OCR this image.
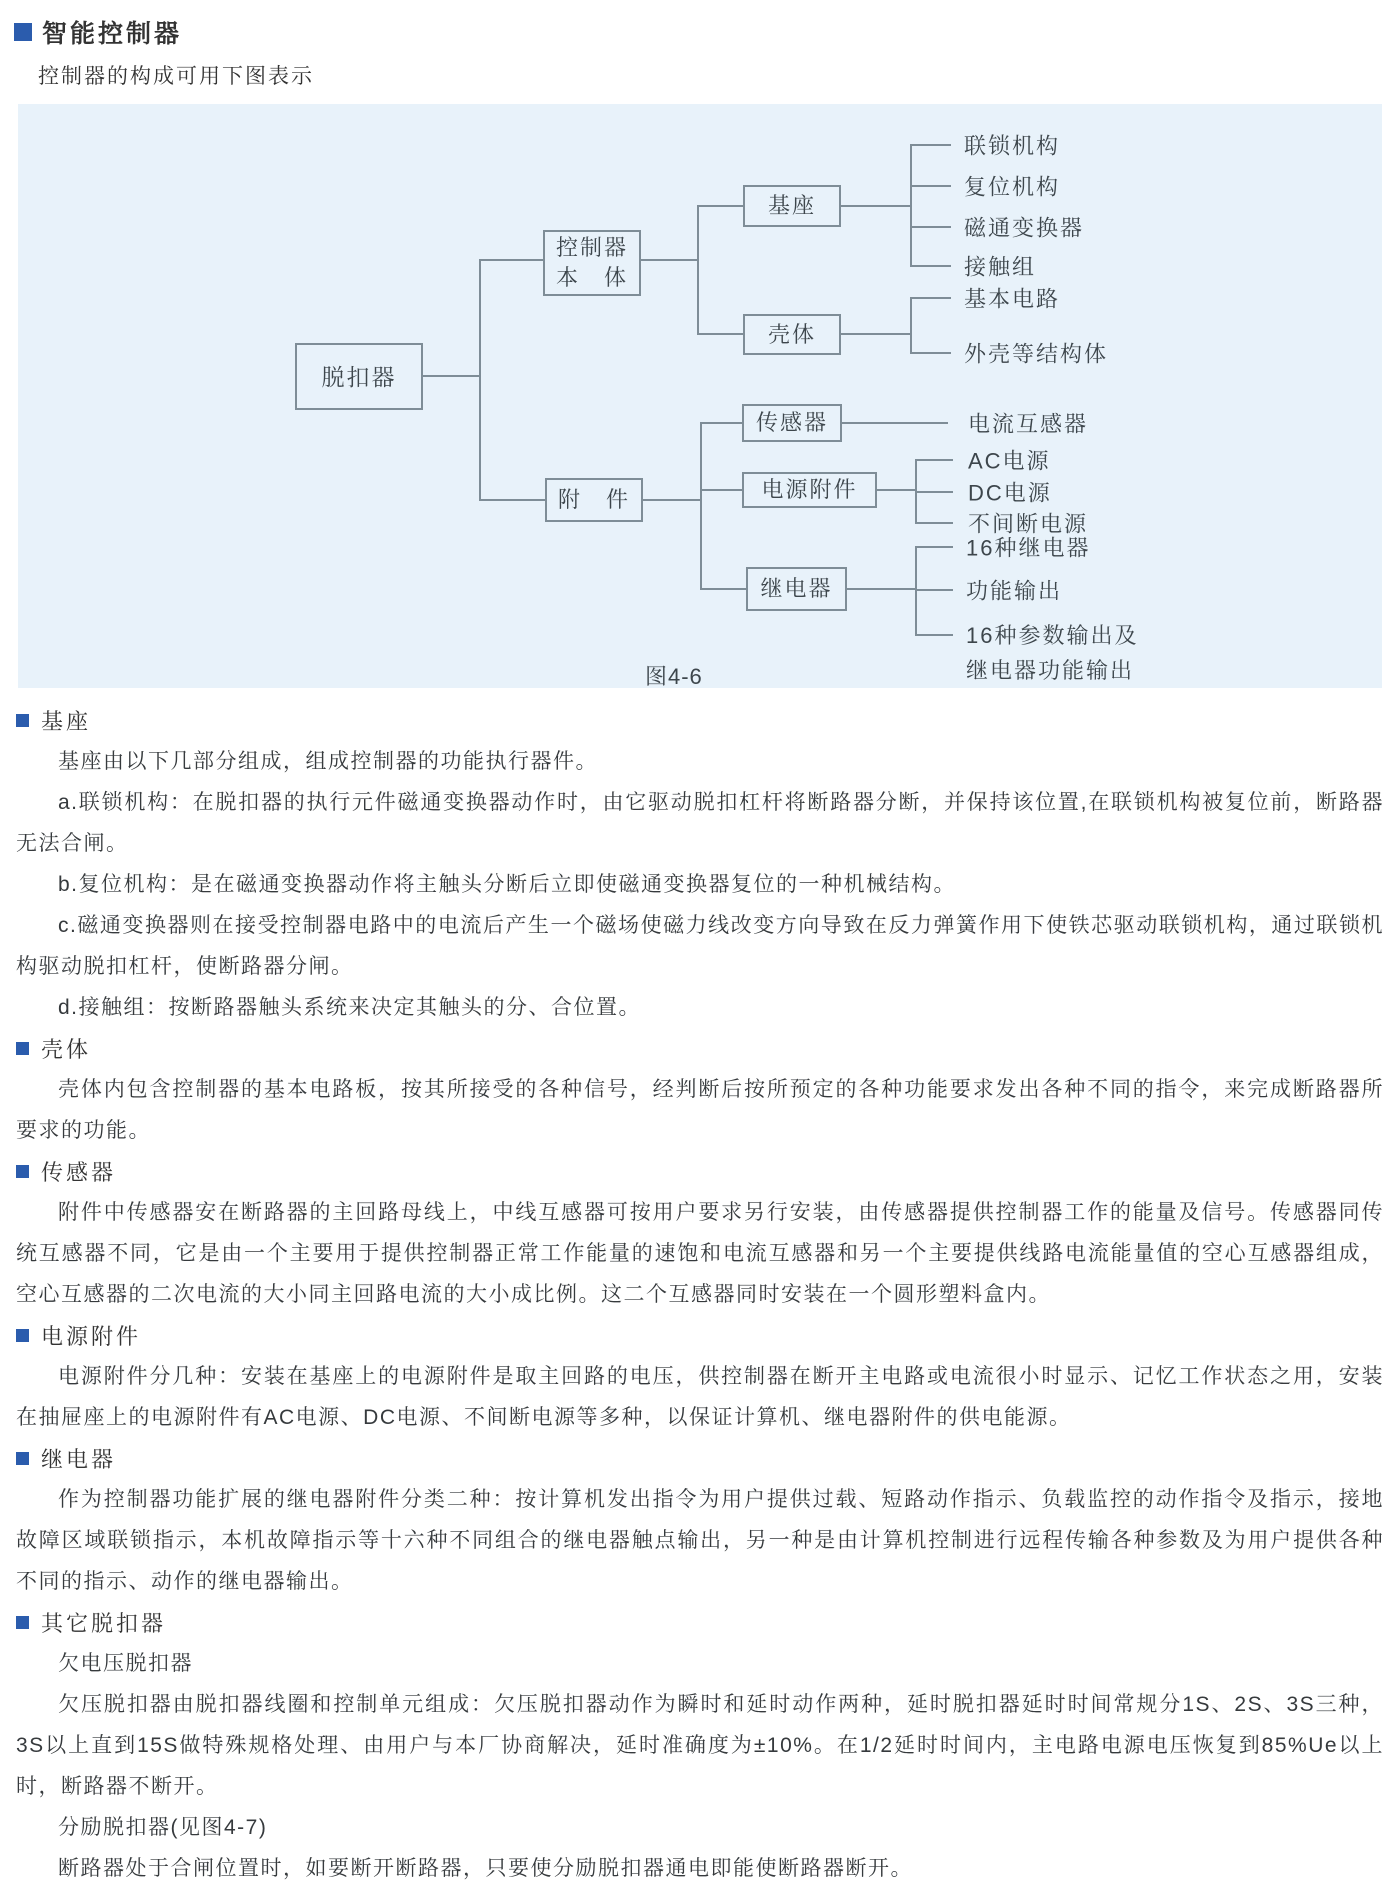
智能控制器

控制器的构成可用下图表示

脱扣器
控制器
本　体
附　件
基座
壳体
传感器
电源附件
继电器
联锁机构
复位机构
磁通变换器
接触组
基本电路
外壳等结构体
电流互感器
AC电源
DC电源
不间断电源
16种继电器
功能输出
16种参数输出及
继电器功能输出
图4-6
基座

基座由以下几部分组成，组成控制器的功能执行器件。

a.联锁机构：在脱扣器的执行元件磁通变换器动作时，由它驱动脱扣杠杆将断路器分断，并保持该位置,在联锁机构被复位前，断路器无法合闸。

b.复位机构：是在磁通变换器动作将主触头分断后立即使磁通变换器复位的一种机械结构。

c.磁通变换器则在接受控制器电路中的电流后产生一个磁场使磁力线改变方向导致在反力弹簧作用下使铁芯驱动联锁机构，通过联锁机构驱动脱扣杠杆，使断路器分闸。

d.接触组：按断路器触头系统来决定其触头的分、合位置。

壳体

壳体内包含控制器的基本电路板，按其所接受的各种信号，经判断后按所预定的各种功能要求发出各种不同的指令，来完成断路器所要求的功能。

传感器

附件中传感器安在断路器的主回路母线上，中线互感器可按用户要求另行安装，由传感器提供控制器工作的能量及信号。传感器同传统互感器不同，它是由一个主要用于提供控制器正常工作能量的速饱和电流互感器和另一个主要提供线路电流能量值的空心互感器组成，空心互感器的二次电流的大小同主回路电流的大小成比例。这二个互感器同时安装在一个圆形塑料盒内。

电源附件

电源附件分几种：安装在基座上的电源附件是取主回路的电压，供控制器在断开主电路或电流很小时显示、记忆工作状态之用，安装在抽屉座上的电源附件有AC电源、DC电源、不间断电源等多种，以保证计算机、继电器附件的供电能源。

继电器

作为控制器功能扩展的继电器附件分类二种：按计算机发出指令为用户提供过载、短路动作指示、负载监控的动作指令及指示，接地故障区域联锁指示，本机故障指示等十六种不同组合的继电器触点输出，另一种是由计算机控制进行远程传输各种参数及为用户提供各种不同的指示、动作的继电器输出。

其它脱扣器

欠电压脱扣器

欠压脱扣器由脱扣器线圈和控制单元组成：欠压脱扣器动作为瞬时和延时动作两种，延时脱扣器延时时间常规分1S、2S、3S三种，3S以上直到15S做特殊规格处理、由用户与本厂协商解决，延时准确度为±10%。在1/2延时时间内，主电路电源电压恢复到85%Ue以上时，断路器不断开。

分励脱扣器(见图4-7)

断路器处于合闸位置时，如要断开断路器，只要使分励脱扣器通电即能使断路器断开。
